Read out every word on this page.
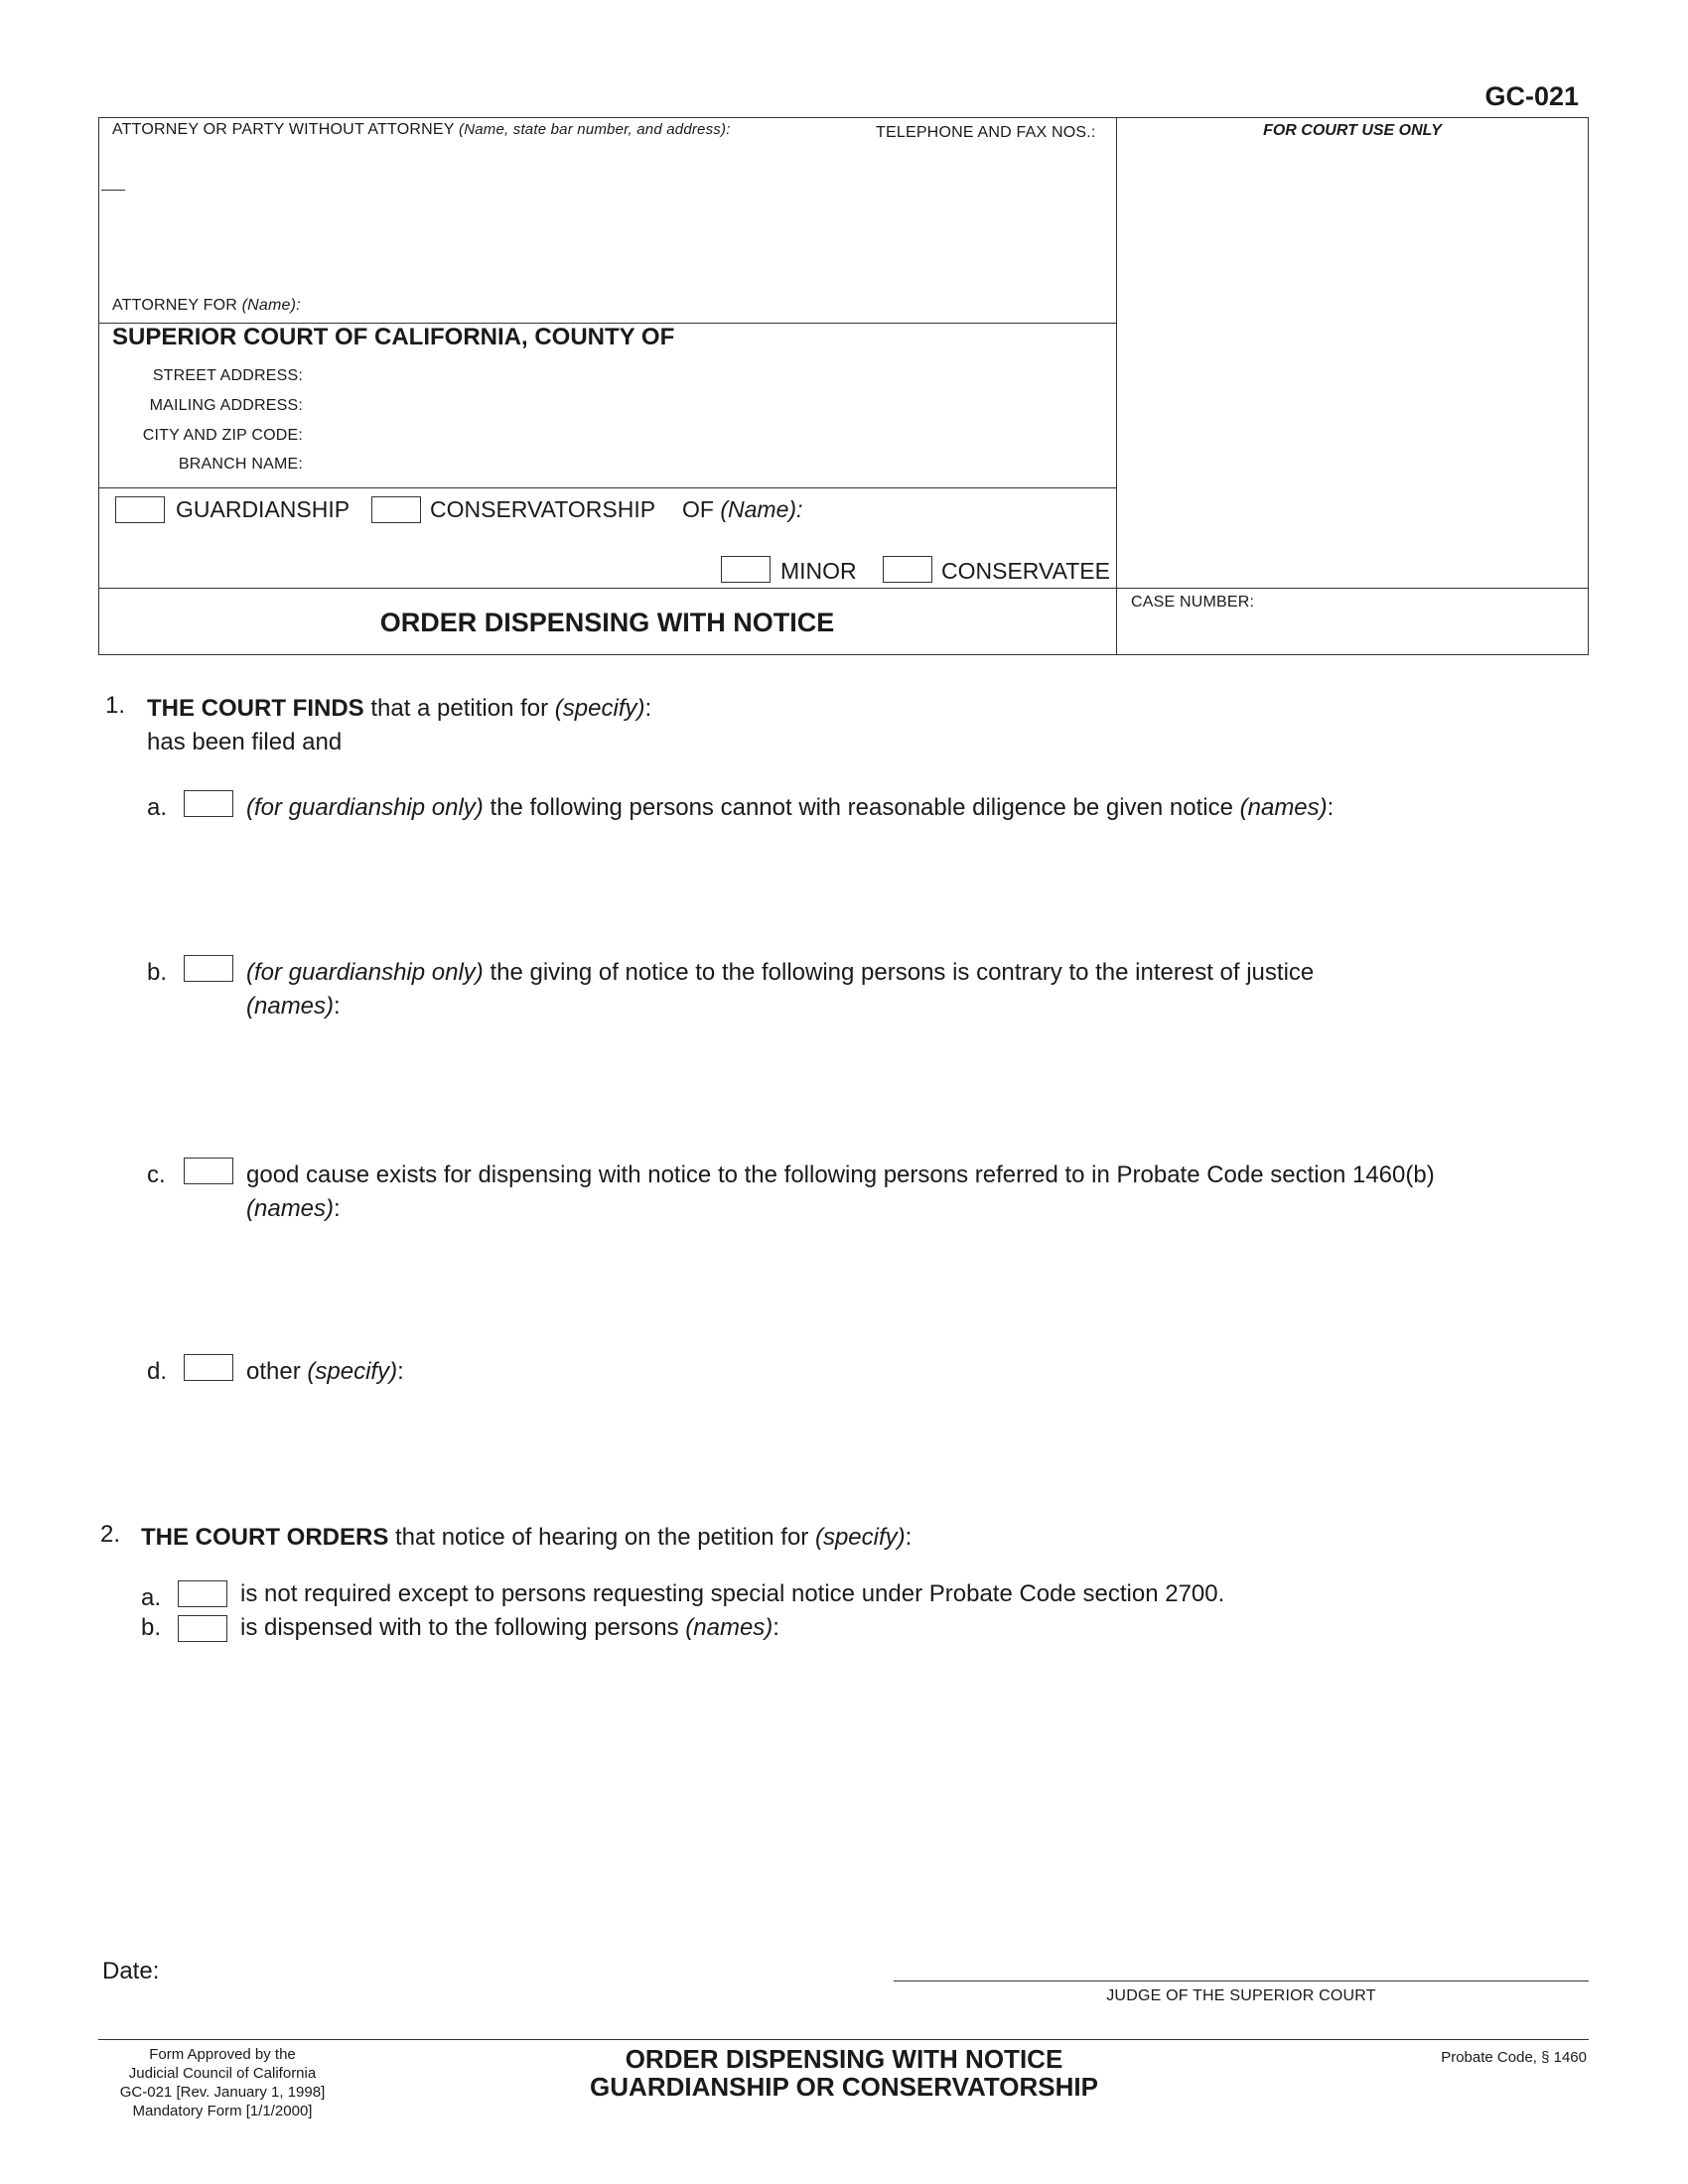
GC-021
ATTORNEY OR PARTY WITHOUT ATTORNEY (Name, state bar number, and address):	TELEPHONE AND FAX NOS.:
ATTORNEY FOR (Name):
FOR COURT USE ONLY
SUPERIOR COURT OF CALIFORNIA, COUNTY OF
STREET ADDRESS:
MAILING ADDRESS:
CITY AND ZIP CODE:
BRANCH NAME:
GUARDIANSHIP	CONSERVATORSHIP OF (Name):
MINOR	CONSERVATEE
ORDER DISPENSING WITH NOTICE
CASE NUMBER:
1. THE COURT FINDS that a petition for (specify):
has been filed and
a.	(for guardianship only) the following persons cannot with reasonable diligence be given notice (names):
b.	(for guardianship only) the giving of notice to the following persons is contrary to the interest of justice
(names):
c.	good cause exists for dispensing with notice to the following persons referred to in Probate Code section 1460(b)
(names):
d.	other (specify):
2. THE COURT ORDERS that notice of hearing on the petition for (specify):
a.	is not required except to persons requesting special notice under Probate Code section 2700.
b.	is dispensed with to the following persons (names):
Date:
JUDGE OF THE SUPERIOR COURT
Form Approved by the
Judicial Council of California
GC-021 [Rev. January 1, 1998]
Mandatory Form [1/1/2000]
ORDER DISPENSING WITH NOTICE
GUARDIANSHIP OR CONSERVATORSHIP
Probate Code, § 1460
